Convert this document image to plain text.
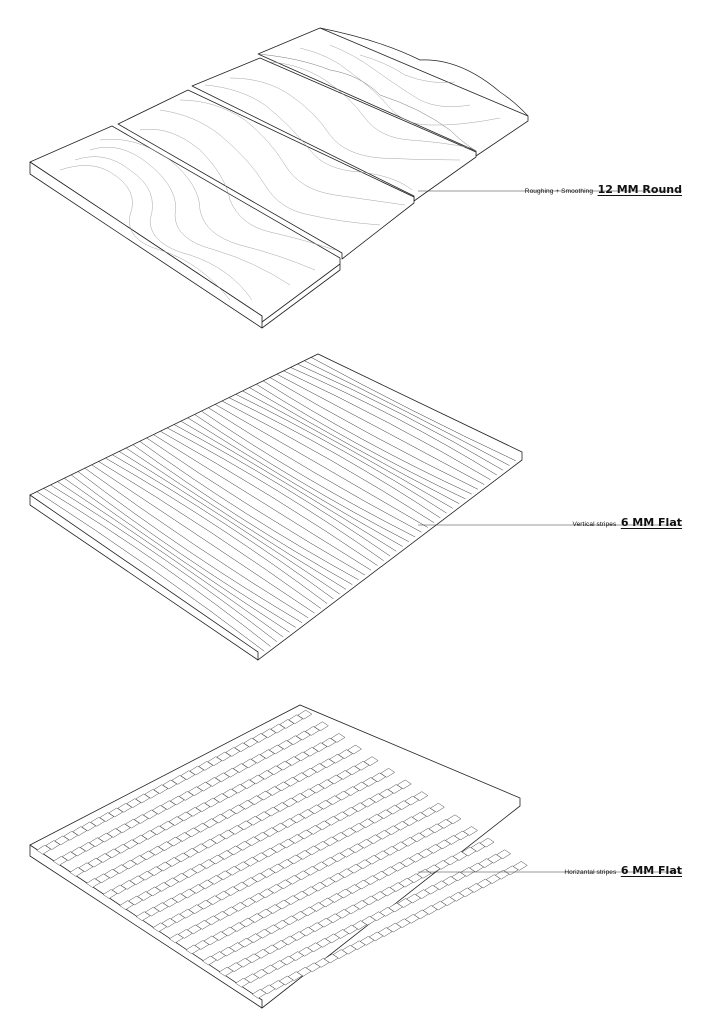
Roughing + Smoothing 12 MM Round
Vertical stripes 6 MM Flat
Horizantal stripes 6 MM Flat
